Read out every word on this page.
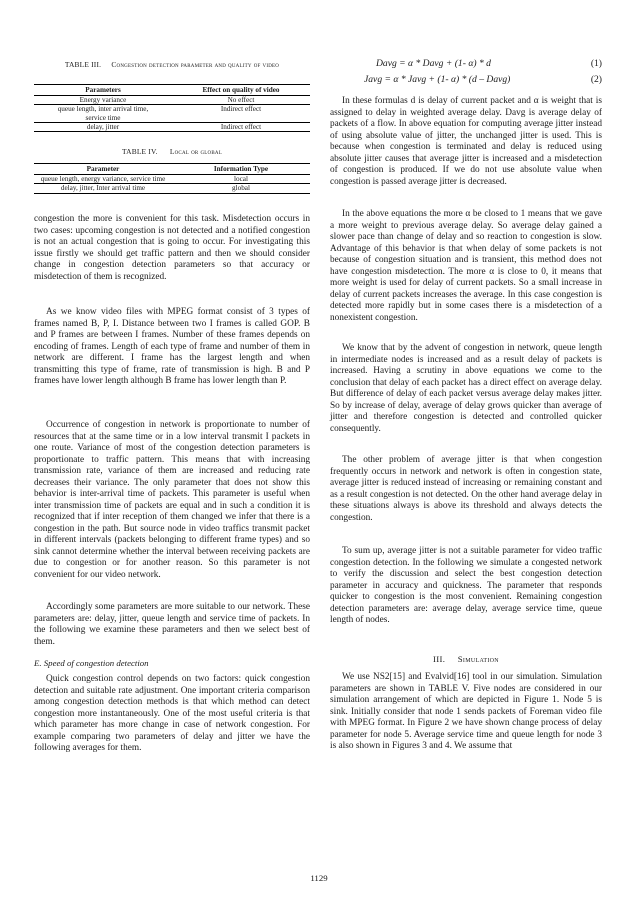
TABLE III. Congestion detection parameter and quality of video
Parameters	Effect on quality of video
Energy variance	No effect
queue length, inter arrival time, service time	Indirect effect
delay, jitter	Indirect effect
TABLE IV. Local or global
Parameter	Information Type
queue length, energy variance, service time	local
delay, jitter, Inter arrival time	global

congestion the more is convenient for this task. Misdetection occurs in two cases: upcoming congestion is not detected and a notified congestion is not an actual congestion that is going to occur. For investigating this issue firstly we should get traffic pattern and then we should consider change in congestion detection parameters so that accuracy or misdetection of them is recognized.

As we know video files with MPEG format consist of 3 types of frames named B, P, I. Distance between two I frames is called GOP. B and P frames are between I frames. Number of these frames depends on encoding of frames. Length of each type of frame and number of them in network are different. I frame has the largest length and when transmitting this type of frame, rate of transmission is high. B and P frames have lower length although B frame has lower length than P.

Occurrence of congestion in network is proportionate to number of resources that at the same time or in a low interval transmit I packets in one route. Variance of most of the congestion detection parameters is proportionate to traffic pattern. This means that with increasing transmission rate, variance of them are increased and reducing rate decreases their variance. The only parameter that does not show this behavior is inter-arrival time of packets. This parameter is useful when inter transmission time of packets are equal and in such a condition it is recognized that if inter reception of them changed we infer that there is a congestion in the path. But source node in video traffics transmit packet in different intervals (packets belonging to different frame types) and so sink cannot determine whether the interval between receiving packets are due to congestion or for another reason. So this parameter is not convenient for our video network.

Accordingly some parameters are more suitable to our network. These parameters are: delay, jitter, queue length and service time of packets. In the following we examine these parameters and then we select best of them.

E. Speed of congestion detection

Quick congestion control depends on two factors: quick congestion detection and suitable rate adjustment. One important criteria comparison among congestion detection methods is that which method can detect congestion more instantaneously. One of the most useful criteria is that which parameter has more change in case of network congestion. For example comparing two parameters of delay and jitter we have the following averages for them.

Davg = α * Davg + (1- α) * d	(1)
Javg = α * Javg + (1- α) * (d – Davg)	(2)

In these formulas d is delay of current packet and α is weight that is assigned to delay in weighted average delay. Davg is average delay of packets of a flow. In above equation for computing average jitter instead of using absolute value of jitter, the unchanged jitter is used. This is because when congestion is terminated and delay is reduced using absolute jitter causes that average jitter is increased and a misdetection of congestion is produced. If we do not use absolute value when congestion is passed average jitter is decreased.

In the above equations the more α be closed to 1 means that we gave a more weight to previous average delay. So average delay gained a slower pace than change of delay and so reaction to congestion is slow. Advantage of this behavior is that when delay of some packets is not because of congestion situation and is transient, this method does not have congestion misdetection. The more α is close to 0, it means that more weight is used for delay of current packets. So a small increase in delay of current packets increases the average. In this case congestion is detected more rapidly but in some cases there is a misdetection of a nonexistent congestion.

We know that by the advent of congestion in network, queue length in intermediate nodes is increased and as a result delay of packets is increased. Having a scrutiny in above equations we come to the conclusion that delay of each packet has a direct effect on average delay. But difference of delay of each packet versus average delay makes jitter. So by increase of delay, average of delay grows quicker than average of jitter and therefore congestion is detected and controlled quicker consequently.

The other problem of average jitter is that when congestion frequently occurs in network and network is often in congestion state, average jitter is reduced instead of increasing or remaining constant and as a result congestion is not detected. On the other hand average delay in these situations always is above its threshold and always detects the congestion.

To sum up, average jitter is not a suitable parameter for video traffic congestion detection. In the following we simulate a congested network to verify the discussion and select the best congestion detection parameter in accuracy and quickness. The parameter that responds quicker to congestion is the most convenient. Remaining congestion detection parameters are: average delay, average service time, queue length of nodes.

III. Simulation

We use NS2[15] and Evalvid[16] tool in our simulation. Simulation parameters are shown in TABLE V. Five nodes are considered in our simulation arrangement of which are depicted in Figure 1. Node 5 is sink. Initially consider that node 1 sends packets of Foreman video file with MPEG format. In Figure 2 we have shown change process of delay parameter for node 5. Average service time and queue length for node 3 is also shown in Figures 3 and 4. We assume that

1129
